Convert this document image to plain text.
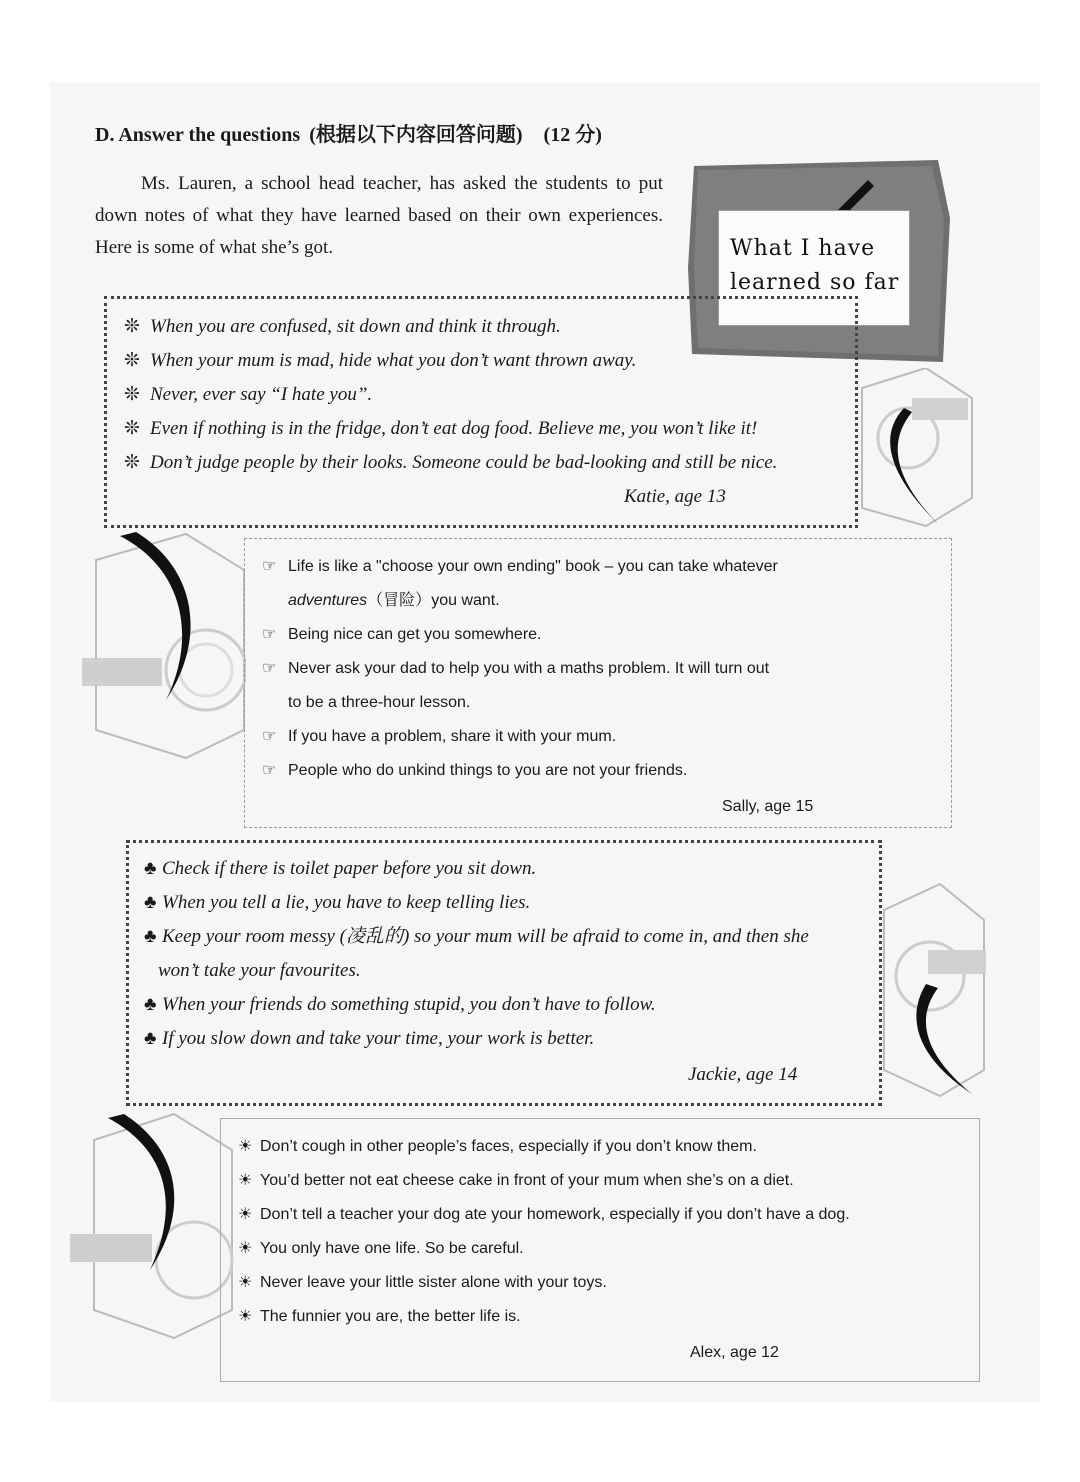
D. Answer the questions (根据以下内容回答问题) (12 分)
Ms. Lauren, a school head teacher, has asked the students to put down notes of what they have learned based on their own experiences. Here is some of what she’s got.	What I have
learned so far
❊ When you are confused, sit down and think it through.
❊ When your mum is mad, hide what you don’t want thrown away.
❊ Never, ever say “I hate you”.
❊ Even if nothing is in the fridge, don’t eat dog food. Believe me, you won’t like it!
❊ Don’t judge people by their looks. Someone could be bad-looking and still be nice.
Katie, age 13
☞ Life is like a "choose your own ending" book – you can take whatever
adventures（冒险）you want.
☞ Being nice can get you somewhere.
☞ Never ask your dad to help you with a maths problem. It will turn out
to be a three-hour lesson.
☞ If you have a problem, share it with your mum.
☞ People who do unkind things to you are not your friends.
Sally, age 15
♣ Check if there is toilet paper before you sit down.
♣ When you tell a lie, you have to keep telling lies.
♣ Keep your room messy (凌乱的) so your mum will be afraid to come in, and then she
won’t take your favourites.
♣ When your friends do something stupid, you don’t have to follow.
♣ If you slow down and take your time, your work is better.
Jackie, age 14
☀ Don’t cough in other people’s faces, especially if you don’t know them.
☀ You’d better not eat cheese cake in front of your mum when she’s on a diet.
☀ Don’t tell a teacher your dog ate your homework, especially if you don’t have a dog.
☀ You only have one life. So be careful.
☀ Never leave your little sister alone with your toys.
☀ The funnier you are, the better life is.
Alex, age 12
